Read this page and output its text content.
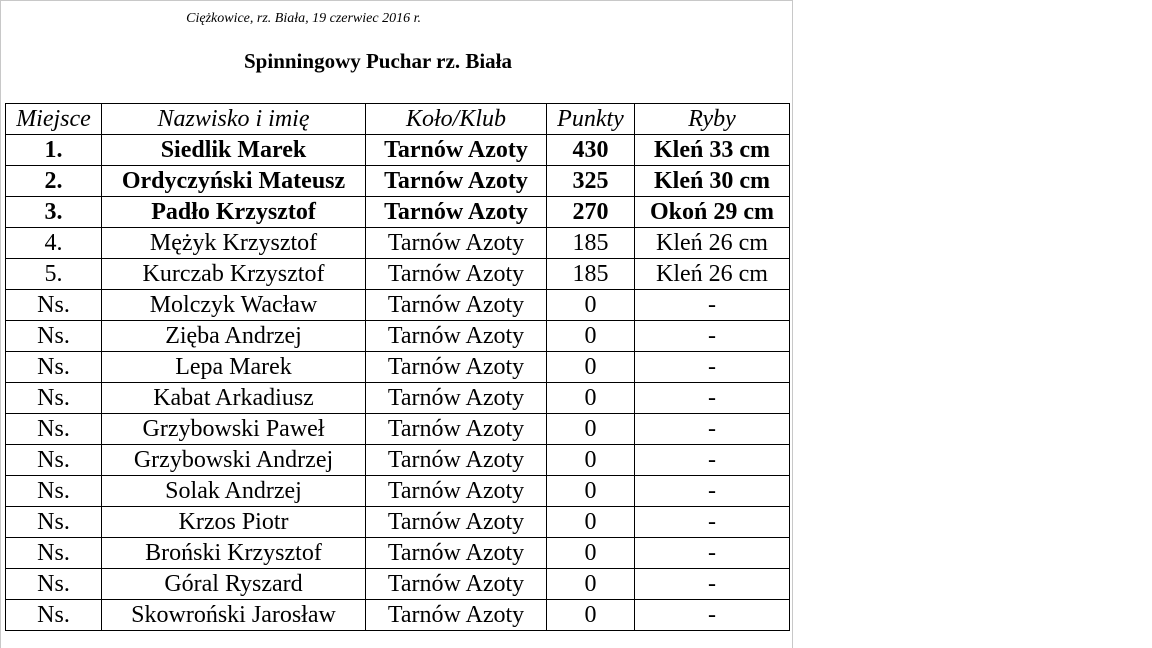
Ciężkowice, rz. Biała, 19 czerwiec 2016 r.
Spinningowy Puchar rz. Biała
Miejsce	Nazwisko i imię	Koło/Klub	Punkty	Ryby
1.	Siedlik Marek	Tarnów Azoty	430	Kleń 33 cm
2.	Ordyczyński Mateusz	Tarnów Azoty	325	Kleń 30 cm
3.	Padło Krzysztof	Tarnów Azoty	270	Okoń 29 cm
4.	Mężyk Krzysztof	Tarnów Azoty	185	Kleń 26 cm
5.	Kurczab Krzysztof	Tarnów Azoty	185	Kleń 26 cm
Ns.	Molczyk Wacław	Tarnów Azoty	0	-
Ns.	Zięba Andrzej	Tarnów Azoty	0	-
Ns.	Lepa Marek	Tarnów Azoty	0	-
Ns.	Kabat Arkadiusz	Tarnów Azoty	0	-
Ns.	Grzybowski Paweł	Tarnów Azoty	0	-
Ns.	Grzybowski Andrzej	Tarnów Azoty	0	-
Ns.	Solak Andrzej	Tarnów Azoty	0	-
Ns.	Krzos Piotr	Tarnów Azoty	0	-
Ns.	Broński Krzysztof	Tarnów Azoty	0	-
Ns.	Góral Ryszard	Tarnów Azoty	0	-
Ns.	Skowroński Jarosław	Tarnów Azoty	0	-
